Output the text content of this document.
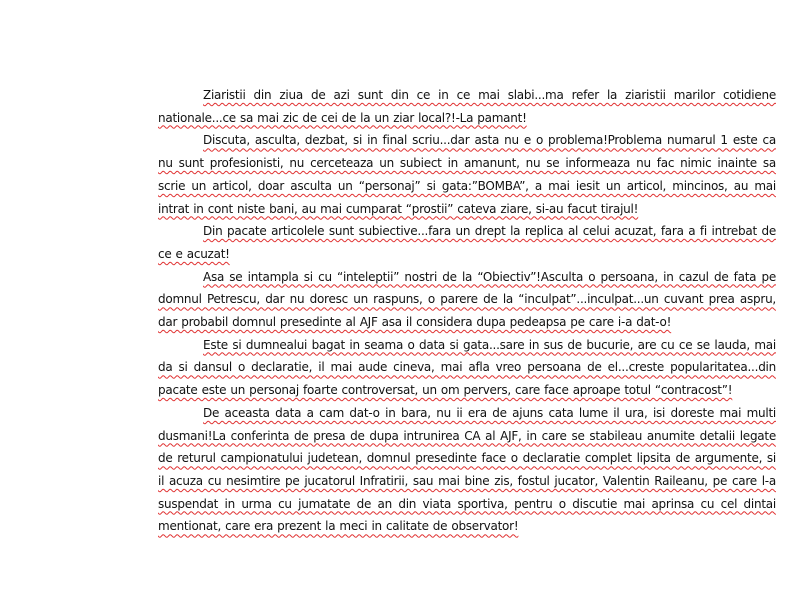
Ziaristii din ziua de azi sunt din ce in ce mai slabi...ma refer la ziaristii marilor cotidiene nationale...ce sa mai zic de cei de la un ziar local?!-La pamant!

Discuta, asculta, dezbat, si in final scriu...dar asta nu e o problema!Problema numarul 1 este ca nu sunt profesionisti, nu cerceteaza un subiect in amanunt, nu se informeaza nu fac nimic inainte sa scrie un articol, doar asculta un “personaj” si gata:”BOMBA”, a mai iesit un articol, mincinos, au mai intrat in cont niste bani, au mai cumparat “prostii” cateva ziare, si-au facut tirajul!

Din pacate articolele sunt subiective...fara un drept la replica al celui acuzat, fara a fi intrebat de ce e acuzat!

Asa se intampla si cu “inteleptii” nostri de la “Obiectiv”!Asculta o persoana, in cazul de fata pe domnul Petrescu, dar nu doresc un raspuns, o parere de la “inculpat”...inculpat...un cuvant prea aspru, dar probabil domnul presedinte al AJF asa il considera dupa pedeapsa pe care i-a dat-o!

Este si dumnealui bagat in seama o data si gata...sare in sus de bucurie, are cu ce se lauda, mai da si dansul o declaratie, il mai aude cineva, mai afla vreo persoana de el...creste popularitatea...din pacate este un personaj foarte controversat, un om pervers, care face aproape totul “contracost”!

De aceasta data a cam dat-o in bara, nu ii era de ajuns cata lume il ura, isi doreste mai multi dusmani!La conferinta de presa de dupa intrunirea CA al AJF, in care se stabileau anumite detalii legate de returul campionatului judetean, domnul presedinte face o declaratie complet lipsita de argumente, si il acuza cu nesimtire pe jucatorul Infratirii, sau mai bine zis, fostul jucator, Valentin Raileanu, pe care l-a suspendat in urma cu jumatate de an din viata sportiva, pentru o discutie mai aprinsa cu cel dintai mentionat, care era prezent la meci in calitate de observator!
